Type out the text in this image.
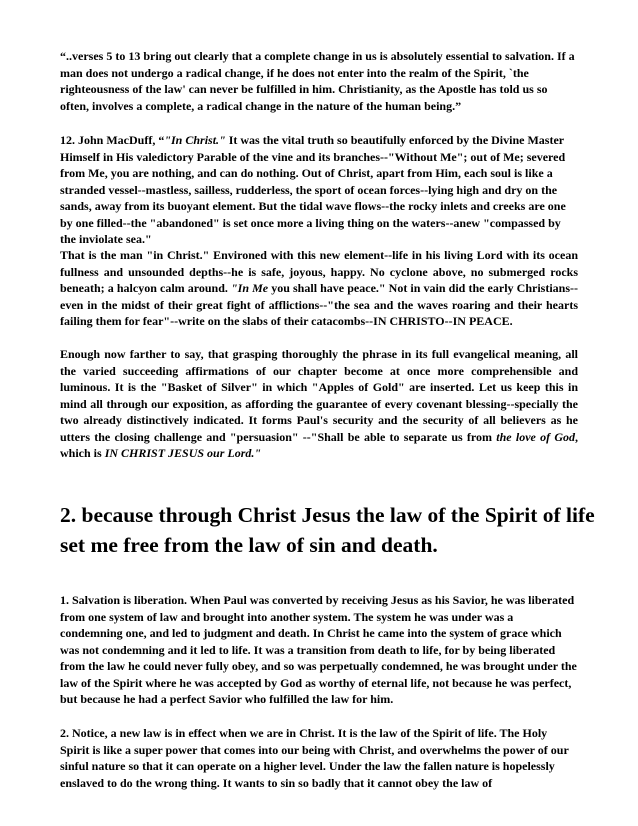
“..verses 5 to 13 bring out clearly that a complete change in us is absolutely essential to salvation. If a man does not undergo a radical change, if he does not enter into the realm of the Spirit, `the righteousness of the law' can never be fulfilled in him. Christianity, as the Apostle has told us so often, involves a complete, a radical change in the nature of the human being.”
12. John MacDuff, “"In Christ." It was the vital truth so beautifully enforced by the Divine Master Himself in His valedictory Parable of the vine and its branches--"Without Me"; out of Me; severed from Me, you are nothing, and can do nothing. Out of Christ, apart from Him, each soul is like a stranded vessel--mastless, sailless, rudderless, the sport of ocean forces--lying high and dry on the sands, away from its buoyant element. But the tidal wave flows--the rocky inlets and creeks are one by one filled--the "abandoned" is set once more a living thing on the waters--anew "compassed by the inviolate sea."
That is the man "in Christ." Environed with this new element--life in his living Lord with its ocean fullness and unsounded depths--he is safe, joyous, happy. No cyclone above, no submerged rocks beneath; a halcyon calm around. "In Me you shall have peace." Not in vain did the early Christians--even in the midst of their great fight of afflictions--"the sea and the waves roaring and their hearts failing them for fear"--write on the slabs of their catacombs--IN CHRISTO--IN PEACE.
Enough now farther to say, that grasping thoroughly the phrase in its full evangelical meaning, all the varied succeeding affirmations of our chapter become at once more comprehensible and luminous. It is the "Basket of Silver" in which "Apples of Gold" are inserted. Let us keep this in mind all through our exposition, as affording the guarantee of every covenant blessing--specially the two already distinctively indicated. It forms Paul's security and the security of all believers as he utters the closing challenge and "persuasion" --"Shall be able to separate us from the love of God, which is IN CHRIST JESUS our Lord."
2. because through Christ Jesus the law of the Spirit of life set me free from the law of sin and death.
1. Salvation is liberation. When Paul was converted by receiving Jesus as his Savior, he was liberated from one system of law and brought into another system. The system he was under was a condemning one, and led to judgment and death. In Christ he came into the system of grace which was not condemning and it led to life. It was a transition from death to life, for by being liberated from the law he could never fully obey, and so was perpetually condemned, he was brought under the law of the Spirit where he was accepted by God as worthy of eternal life, not because he was perfect, but because he had a perfect Savior who fulfilled the law for him.
2. Notice, a new law is in effect when we are in Christ. It is the law of the Spirit of life. The Holy Spirit is like a super power that comes into our being with Christ, and overwhelms the power of our sinful nature so that it can operate on a higher level. Under the law the fallen nature is hopelessly enslaved to do the wrong thing. It wants to sin so badly that it cannot obey the law of
